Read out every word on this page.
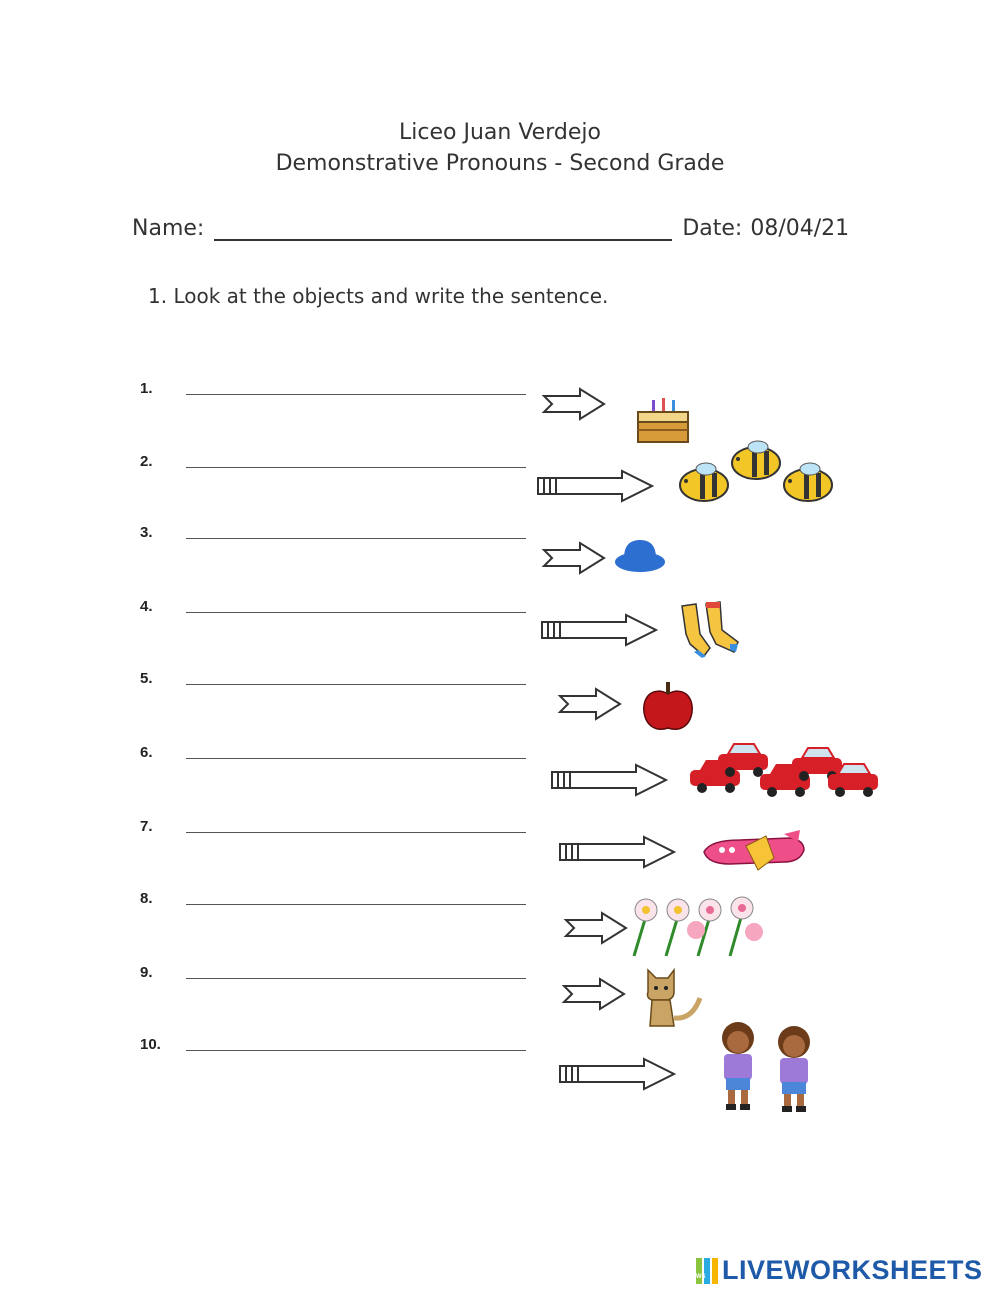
Liceo Juan Verdejo
Demonstrative Pronouns - Second Grade
Name:	Date: 08/04/21
1. Look at the objects and write the sentence.
1.
2.
3.
4.
5.
6.
7.
8.
9.
10.
LWS LIVEWORKSHEETS
